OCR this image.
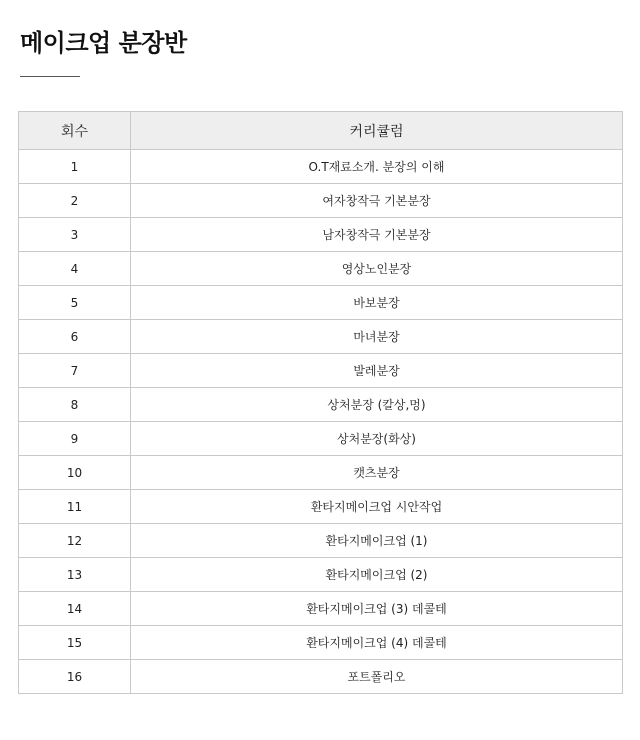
메이크업 분장반
회수	커리큘럼
1	O.T재료소개. 분장의 이해
2	여자창작극 기본분장
3	남자창작극 기본분장
4	영상노인분장
5	바보분장
6	마녀분장
7	발레분장
8	상처분장 (칼상,멍)
9	상처분장(화상)
10	캣츠분장
11	환타지메이크업 시안작업
12	환타지메이크업 (1)
13	환타지메이크업 (2)
14	환타지메이크업 (3) 데콜테
15	환타지메이크업 (4) 데콜테
16	포트폴리오
